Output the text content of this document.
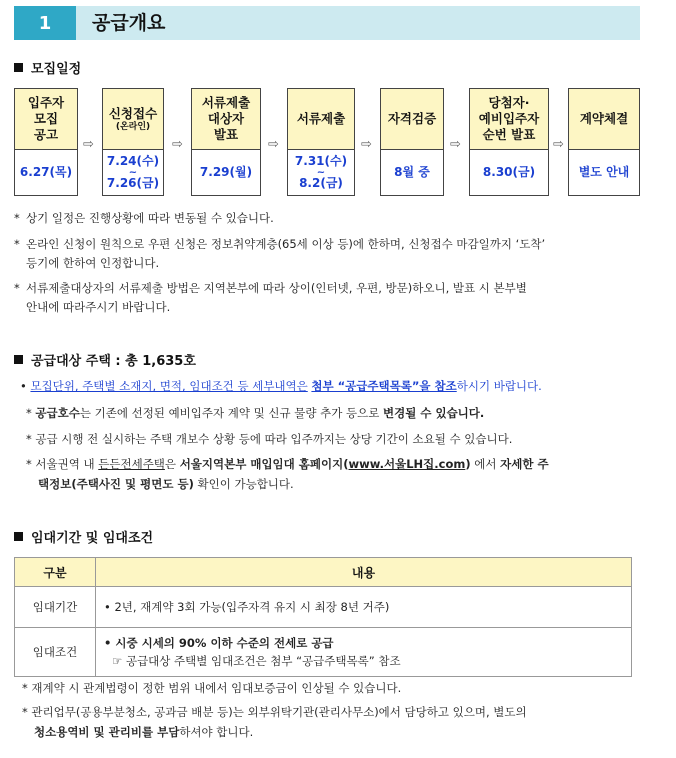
1	공급개요
모집일정
입주자
모집
공고
6.27(목)
⇨
신청접수
(온라인)
7.24(수)
~
7.26(금)
⇨
서류제출
대상자
발표
7.29(월)
⇨
서류제출
7.31(수)
~
8.2(금)
⇨
자격검증
8월 중
⇨
당첨자·
예비입주자
순번 발표
8.30(금)
⇨
계약체결
별도 안내
* 상기 일정은 진행상황에 따라 변동될 수 있습니다.
* 온라인 신청이 원칙으로 우편 신청은 정보취약계층(65세 이상 등)에 한하며, 신청접수 마감일까지 ‘도착’
등기에 한하여 인정합니다.
* 서류제출대상자의 서류제출 방법은 지역본부에 따라 상이(인터넷, 우편, 방문)하오니, 발표 시 본부별
안내에 따라주시기 바랍니다.
공급대상 주택 : 총 1,635호
• 모집단위, 주택별 소재지, 면적, 임대조건 등 세부내역은 첨부 “공급주택목록”을 참조하시기 바랍니다.
* 공급호수는 기존에 선정된 예비입주자 계약 및 신규 물량 추가 등으로 변경될 수 있습니다.
* 공급 시행 전 실시하는 주택 개보수 상황 등에 따라 입주까지는 상당 기간이 소요될 수 있습니다.
* 서울권역 내 든든전세주택은 서울지역본부 매입임대 홈페이지(www.서울LH집.com) 에서 자세한 주
택정보(주택사진 및 평면도 등) 확인이 가능합니다.
임대기간 및 임대조건
구분	내용
임대기간	• 2년, 재계약 3회 가능(입주자격 유지 시 최장 8년 거주)
임대조건	• 시중 시세의 90% 이하 수준의 전세로 공급
☞ 공급대상 주택별 임대조건은 첨부 “공급주택목록” 참조
* 재계약 시 관계법령이 정한 범위 내에서 임대보증금이 인상될 수 있습니다.
* 관리업무(공용부분청소, 공과금 배분 등)는 외부위탁기관(관리사무소)에서 담당하고 있으며, 별도의
청소용역비 및 관리비를 부담하셔야 합니다.
